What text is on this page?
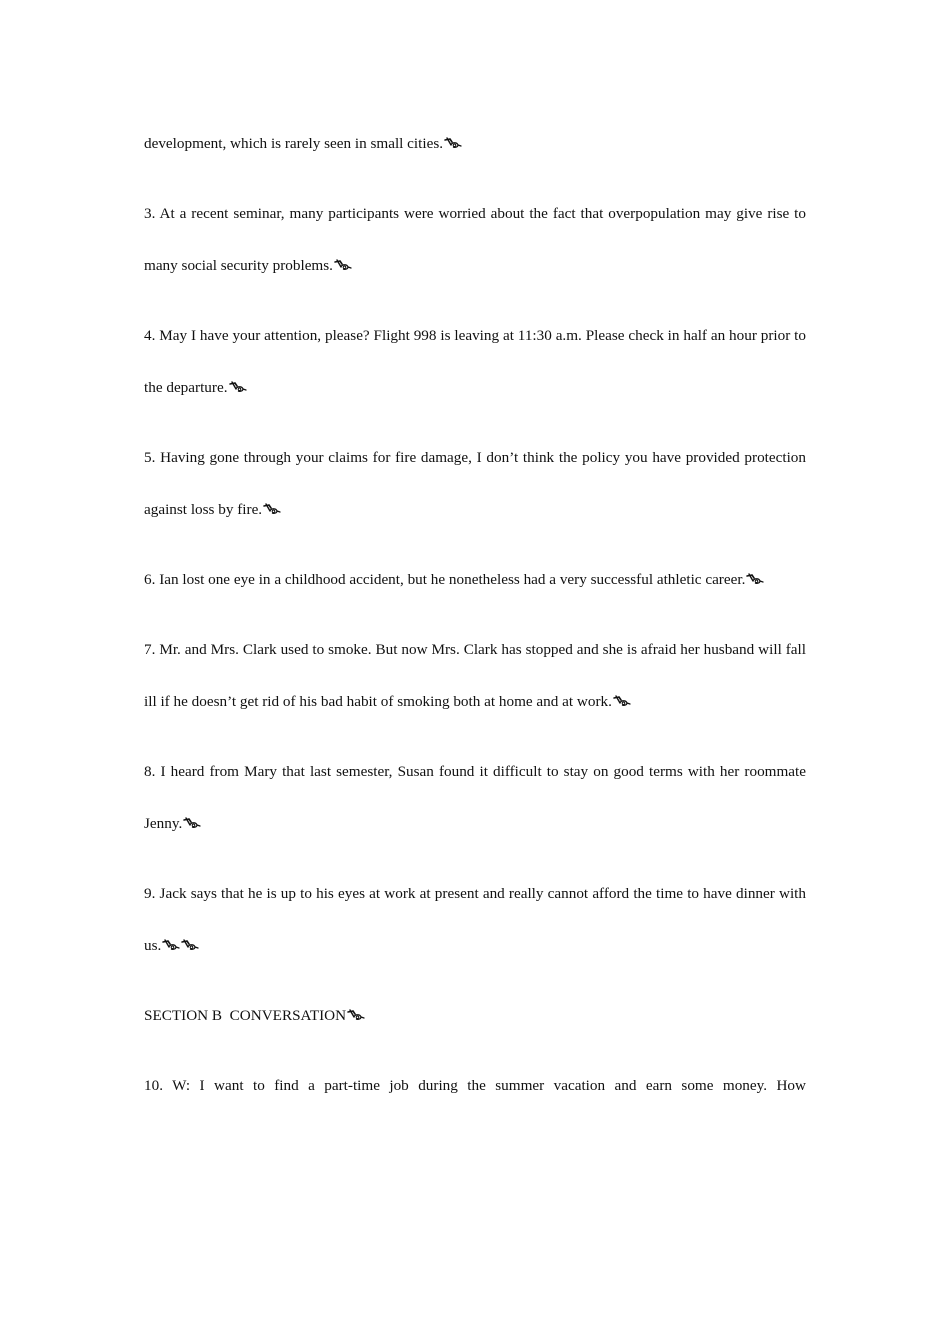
development, which is rarely seen in small cities.

3. At a recent seminar, many participants were worried about the fact that overpopulation may give rise to many social security problems.

4. May I have your attention, please? Flight 998 is leaving at 11:30 a.m. Please check in half an hour prior to the departure.

5. Having gone through your claims for fire damage, I don’t think the policy you have provided protection against loss by fire.

6. Ian lost one eye in a childhood accident, but he nonetheless had a very successful athletic career.

7. Mr. and Mrs. Clark used to smoke. But now Mrs. Clark has stopped and she is afraid her husband will fall ill if he doesn’t get rid of his bad habit of smoking both at home and at work.

8. I heard from Mary that last semester, Susan found it difficult to stay on good terms with her roommate Jenny.

9. Jack says that he is up to his eyes at work at present and really cannot afford the time to have dinner with us.

SECTION B  CONVERSATION

10. W: I want to find a part-time job during the summer vacation and earn some money. How
